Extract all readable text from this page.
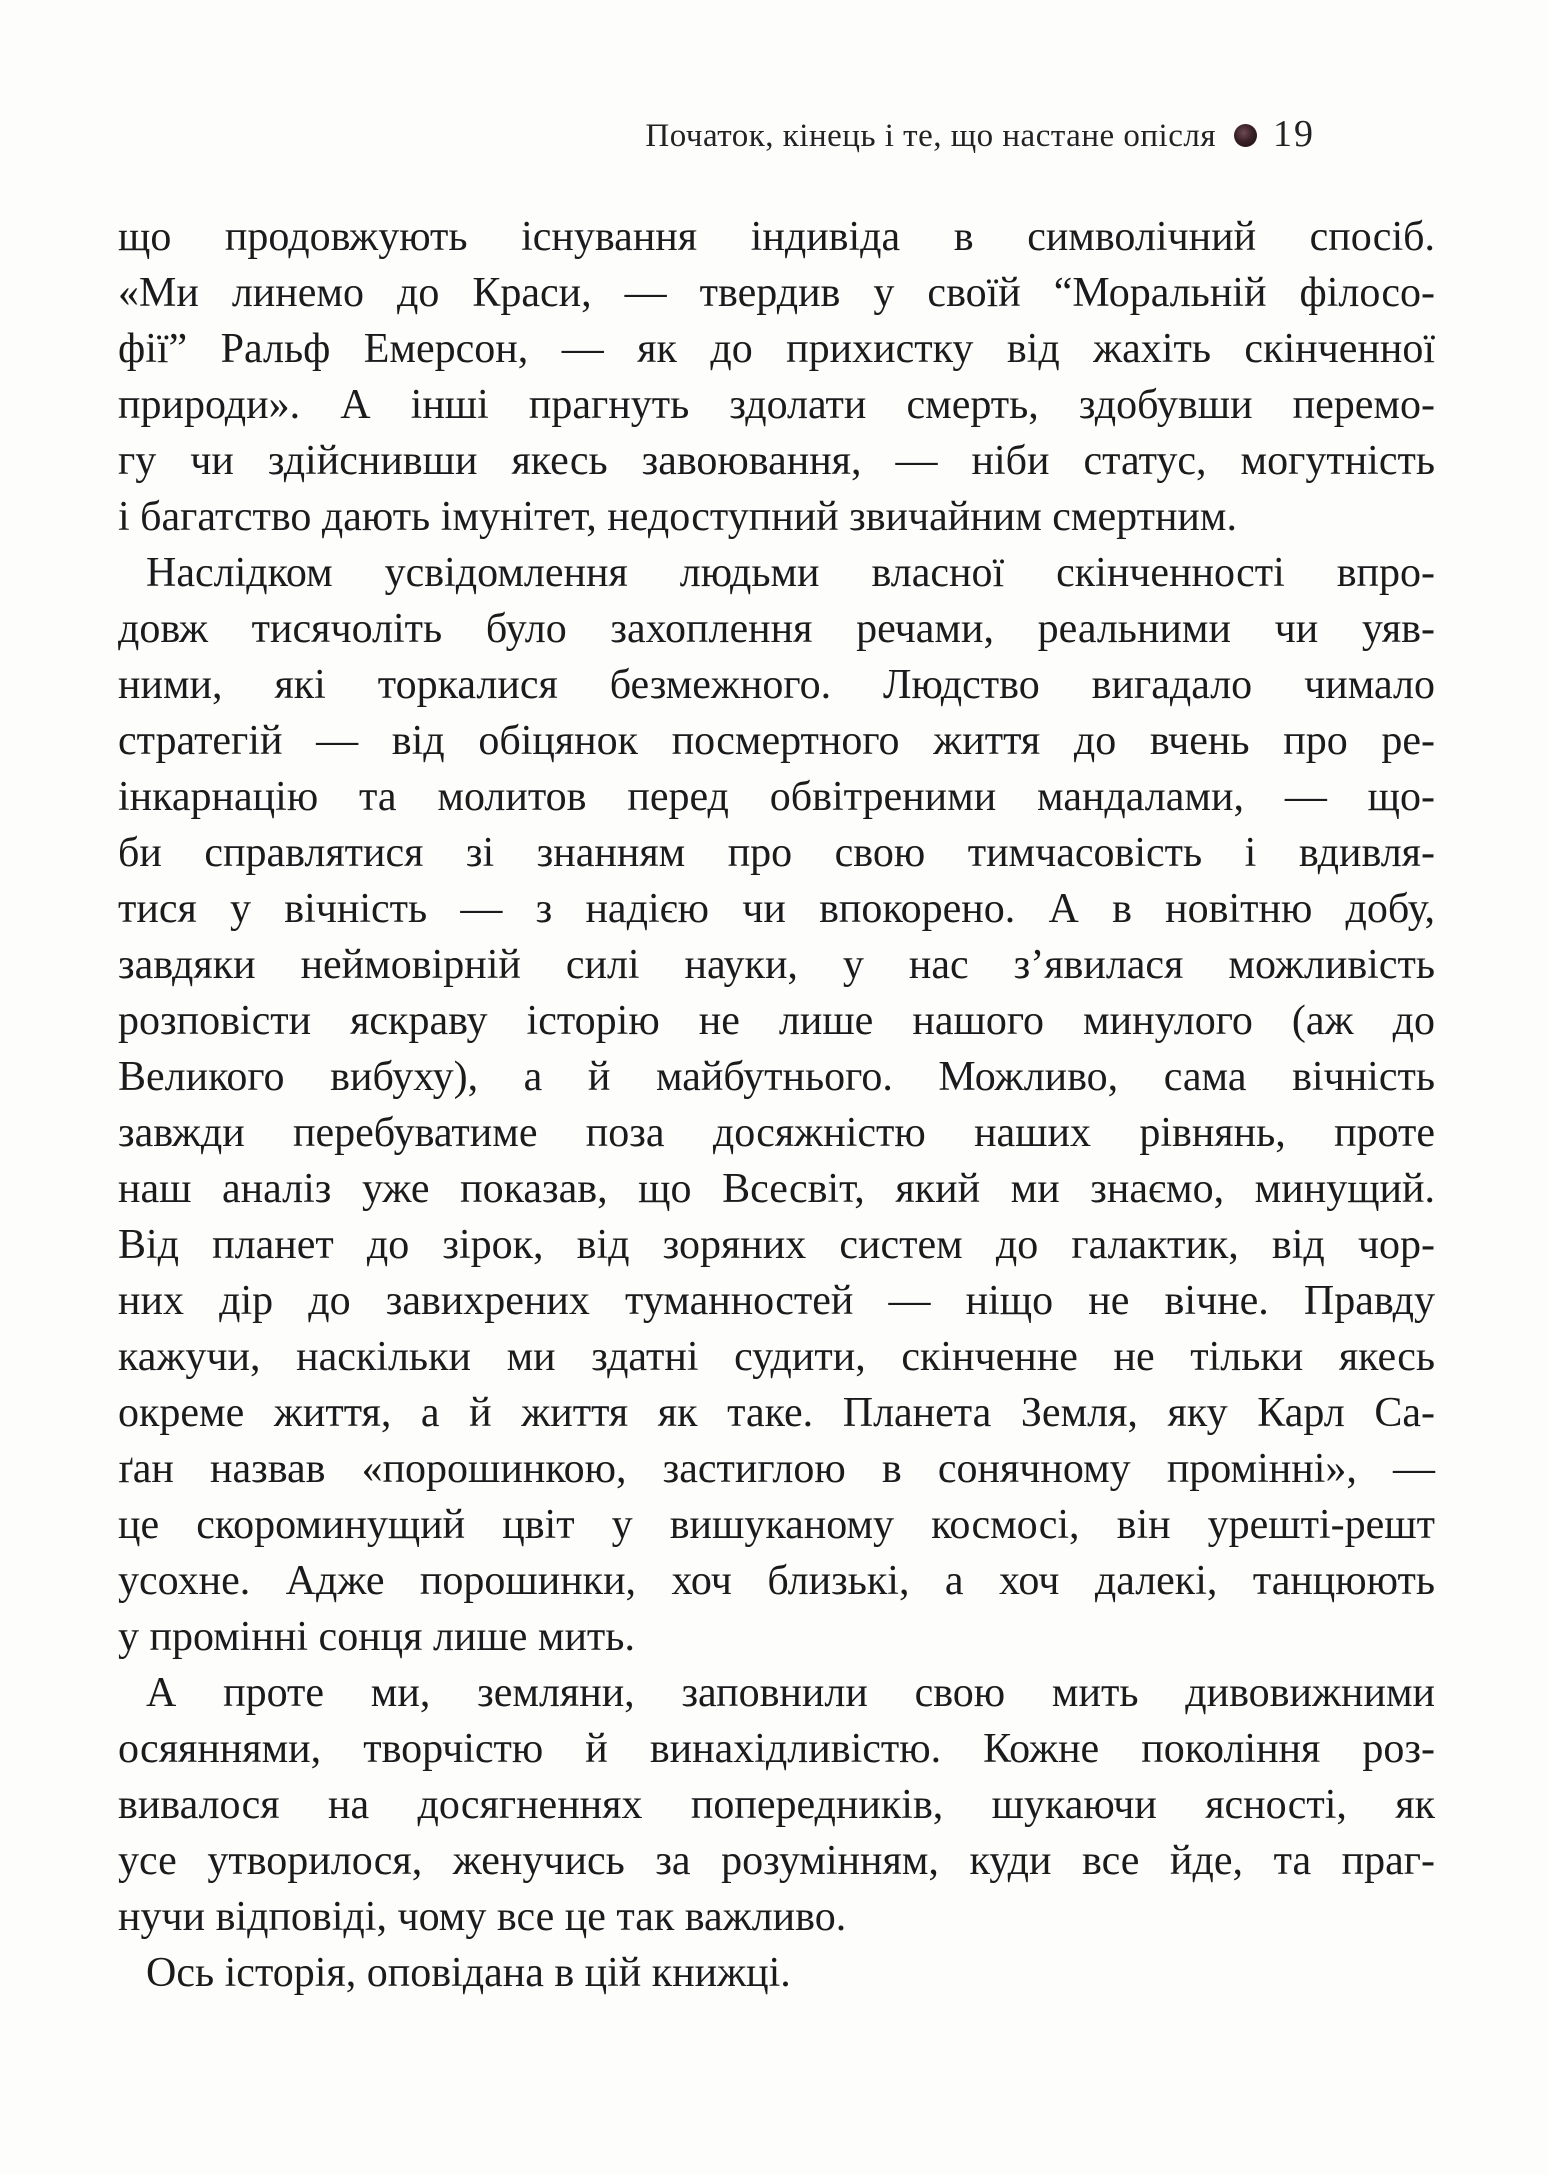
Початок, кінець і те, що настане опісля 19
що продовжують існування індивіда в символічний спосіб.
«Ми линемо до Краси, — твердив у своїй “Моральній філосо-
фії” Ральф Емерсон, — як до прихистку від жахіть скінченної
природи». А інші прагнуть здолати смерть, здобувши перемо-
гу чи здійснивши якесь завоювання, — ніби статус, могутність
і багатство дають імунітет, недоступний звичайним смертним.
Наслідком усвідомлення людьми власної скінченності впро-
довж тисячоліть було захоплення речами, реальними чи уяв-
ними, які торкалися безмежного. Людство вигадало чимало
стратегій — від обіцянок посмертного життя до вчень про ре-
інкарнацію та молитов перед обвітреними мандалами, — що-
би справлятися зі знанням про свою тимчасовість і вдивля-
тися у вічність — з надією чи впокорено. А в новітню добу,
завдяки неймовірній силі науки, у нас з’явилася можливість
розповісти яскраву історію не лише нашого минулого (аж до
Великого вибуху), а й майбутнього. Можливо, сама вічність
завжди перебуватиме поза досяжністю наших рівнянь, проте
наш аналіз уже показав, що Всесвіт, який ми знаємо, минущий.
Від планет до зірок, від зоряних систем до галактик, від чор-
них дір до завихрених туманностей — ніщо не вічне. Правду
кажучи, наскільки ми здатні судити, скінченне не тільки якесь
окреме життя, а й життя як таке. Планета Земля, яку Карл Са-
ґан назвав «порошинкою, застиглою в сонячному промінні», —
це скороминущий цвіт у вишуканому космосі, він урешті-решт
усохне. Адже порошинки, хоч близькі, а хоч далекі, танцюють
у промінні сонця лише мить.
А проте ми, земляни, заповнили свою мить дивовижними
осяяннями, творчістю й винахідливістю. Кожне покоління роз-
вивалося на досягненнях попередників, шукаючи ясності, як
усе утворилося, женучись за розумінням, куди все йде, та праг-
нучи відповіді, чому все це так важливо.
Ось історія, оповідана в цій книжці.
